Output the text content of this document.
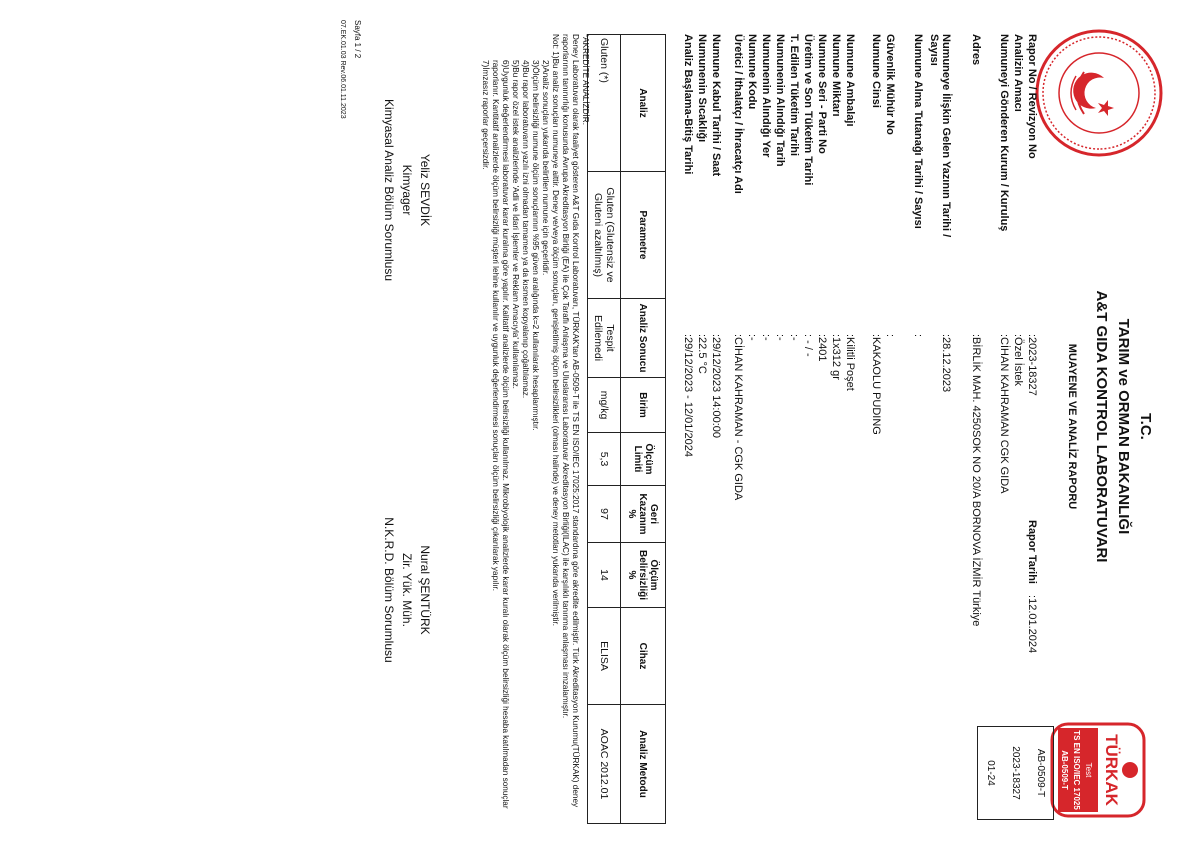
T.C.
TARIM ve ORMAN BAKANLIĞI
A&T GIDA KONTROL LABORATUVARI
MUAYENE VE ANALİZ RAPORU
TÜRKAK
Test
TS EN ISO/IEC 17025
AB-0509-T
AB-0509-T
2023-18327
01-24
Rapor No / Revizyon No
:2023-18327
Analizin Amacı
:Özel İstek
Numuneyi Gönderen Kurum / Kuruluş
:CİHAN KAHRAMAN CGK GIDA
Adres
:BİRLİK MAH. 4250SOK NO 20/A BORNOVA İZMİR Türkiye
Numuneye İlişkin Gelen Yazının Tarihi / Sayısı
:28.12.2023
Numune Alma Tutanağı Tarihi / Sayısı
:
Güvenlik Mühür No
:
Numune Cinsi
:KAKAOLU PUDING
Numune Ambalajı
:Kilitli Poşet
Numune Miktarı
:1x312 gr
Numune Seri - Parti No
:2401
Üretim ve Son Tüketim Tarihi
: - / -
T. Edilen Tüketim Tarihi
:-
Numunenin Alındığı Tarih
:-
Numunenin Alındığı Yer
:-
Numune Kodu
:-
Üretici / İthalatçı / İhracatçı Adı
:CİHAN KAHRAMAN - CGK GIDA
Rapor Tarihi :12.01.2024
Analiz	Parametre	Analiz Sonucu	Birim	Ölçüm Limiti	Geri Kazanım %	Ölçüm Belirsizliği %	Cihaz	Analiz Metodu
Gluten (*)	Gluten (Glutensiz ve Gluteni azaltılmış)	Tespit Edilemedi	mg/kg	5,3	97	14	ELISA	AOAC 2012.01
Numune Kabul Tarihi / Saat
:29/12/2023 14:00:00
Numunenin Sıcaklığı
:22.5 °C
Analiz Başlama-Bitiş Tarihi
:29/12/2023 - 12/01/2024

*AKREDİTE ANALİZDİR.

Deney Laboratuvarı olarak faaliyet gösteren A&T Gıda Kontrol Laboratuvarı, TÜRKAK'tan AB-0509-T ile TS EN ISO/IEC 17025:2017 standardına göre akredite edilmiştir. Türk Akreditasyon Kurumu(TÜRKAK) deney raporlarının tanınırlığı konusunda Avrupa Akreditasyon Birliği (EA) ile Çok Taraflı Anlaşma ve Uluslararası Laboratuvar Akreditasyon Birliği(ILAC) ile karşılıklı tanınma anlaşması imzalamıştır.

Not: 1)Bu analiz sonuçları numuneye aittir. Deney ve/veya ölçüm sonuçları, genişletilmiş ölçüm belirsizlikleri (olması halinde) ve deney metotları yukarıda verilmiştir.

2)Analiz sonuçları yukarıda belirtilen numune için geçerlidir.

3)Ölçüm belirsizliği numune ölçüm sonuçlarının %95 güven aralığında k=2 kullanılarak hesaplanmıştır.

4)Bu rapor laboratuvarın yazılı izni olmadan tamamen ya da kısmen kopyalanıp çoğaltılamaz.

5)Bu rapor özel istek analizlerinde 'Adli ve İdari İşlemler ve Reklam Amacıyla' kullanılamaz.

6)Uygunluk değerlendirmesi laboratuvar karar kuralına göre yapılır. Kalitatif analizlerde ölçüm belirsizliği kullanılmaz. Mikrobiyolojik analizlerde karar kuralı olarak ölçüm belirsizliği hesaba katılmadan sonuçlar raporlanır. Kantitatif analizlerde ölçüm belirsizliği müşteri lehine kullanılır ve uygunluk değerlendirmesi sonuçları ölçüm belirsizliği çıkarılarak yapılır.

7)İmzasız raporlar geçersizdir.

Yeliz SEVDİK
Kimyager
Kimyasal Analiz Bölüm Sorumlusu
Nural ŞENTÜRK
Zir. Yük. Müh.
N.K.R.D. Bölüm Sorumlusu
Sayfa 1 / 2
07.EK.01.03 Rev.06.01.11.2023
